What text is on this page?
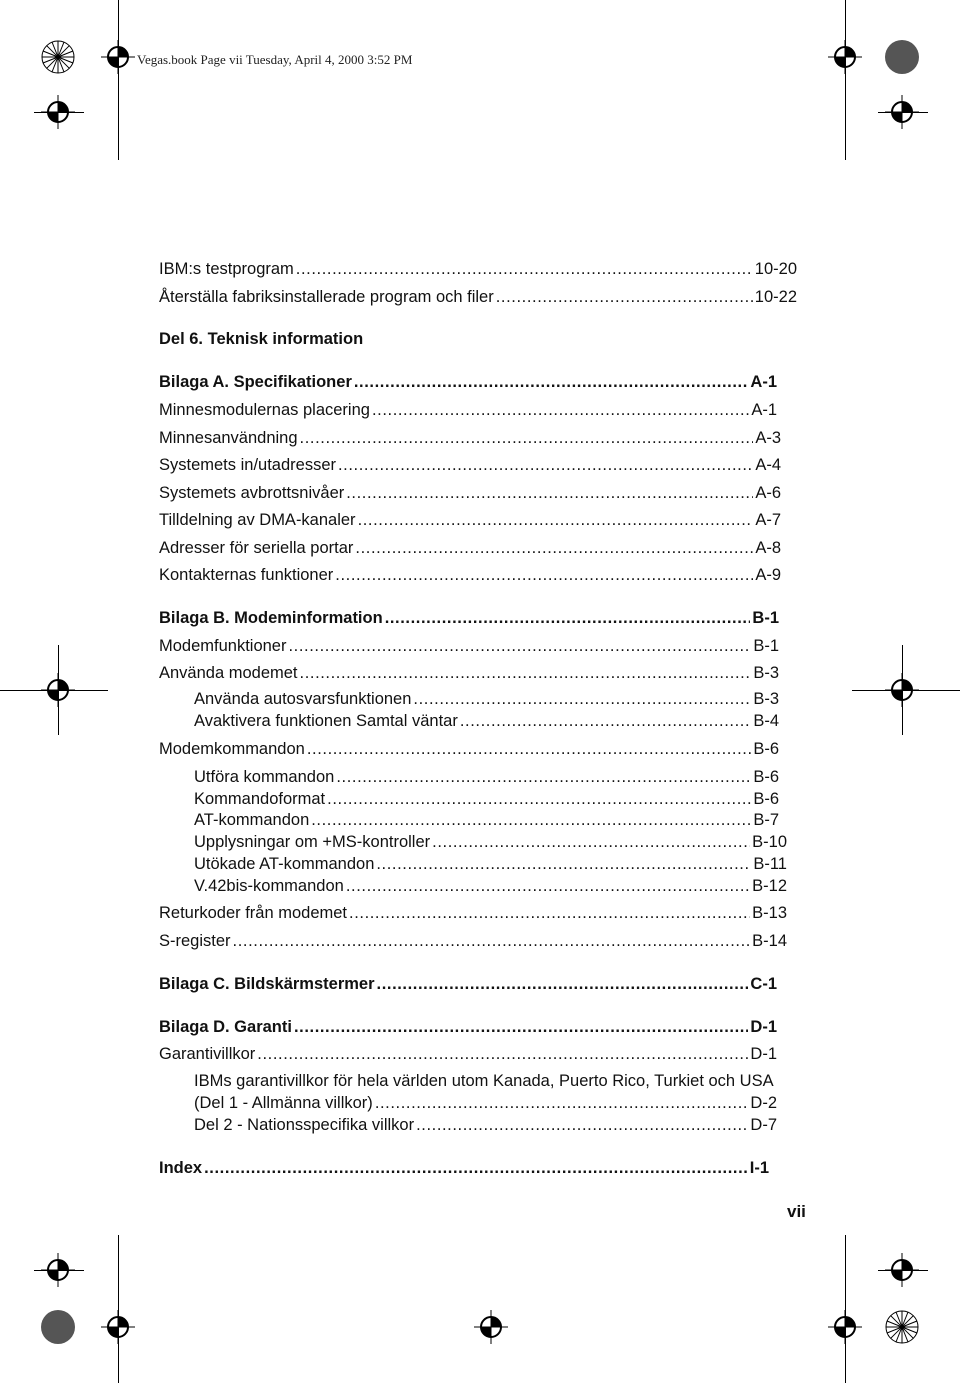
Vegas.book Page vii Tuesday, April 4, 2000 3:52 PM
IBM:s testprogram .....	10-20
Återställa fabriksinstallerade program och filer .....	10-22
Del 6. Teknisk information
Bilaga A. Specifikationer .....	A-1
Minnesmodulernas placering .....	A-1
Minnesanvändning .....	A-3
Systemets in/utadresser .....	A-4
Systemets avbrottsnivåer .....	A-6
Tilldelning av DMA-kanaler .....	A-7
Adresser för seriella portar .....	A-8
Kontakternas funktioner .....	A-9
Bilaga B. Modeminformation .....	B-1
Modemfunktioner .....	B-1
Använda modemet .....	B-3
Använda autosvarsfunktionen .....	B-3
Avaktivera funktionen Samtal väntar .....	B-4
Modemkommandon .....	B-6
Utföra kommandon .....	B-6
Kommandoformat .....	B-6
AT-kommandon .....	B-7
Upplysningar om +MS-kontroller .....	B-10
Utökade AT-kommandon .....	B-11
V.42bis-kommandon .....	B-12
Returkoder från modemet .....	B-13
S-register .....	B-14
Bilaga C. Bildskärmstermer .....	C-1
Bilaga D. Garanti .....	D-1
Garantivillkor .....	D-1
IBMs garantivillkor för hela världen utom Kanada, Puerto Rico, Turkiet och USA
(Del 1 - Allmänna villkor) .....	D-2
Del 2 - Nationsspecifika villkor .....	D-7
Index .....	I-1
vii
